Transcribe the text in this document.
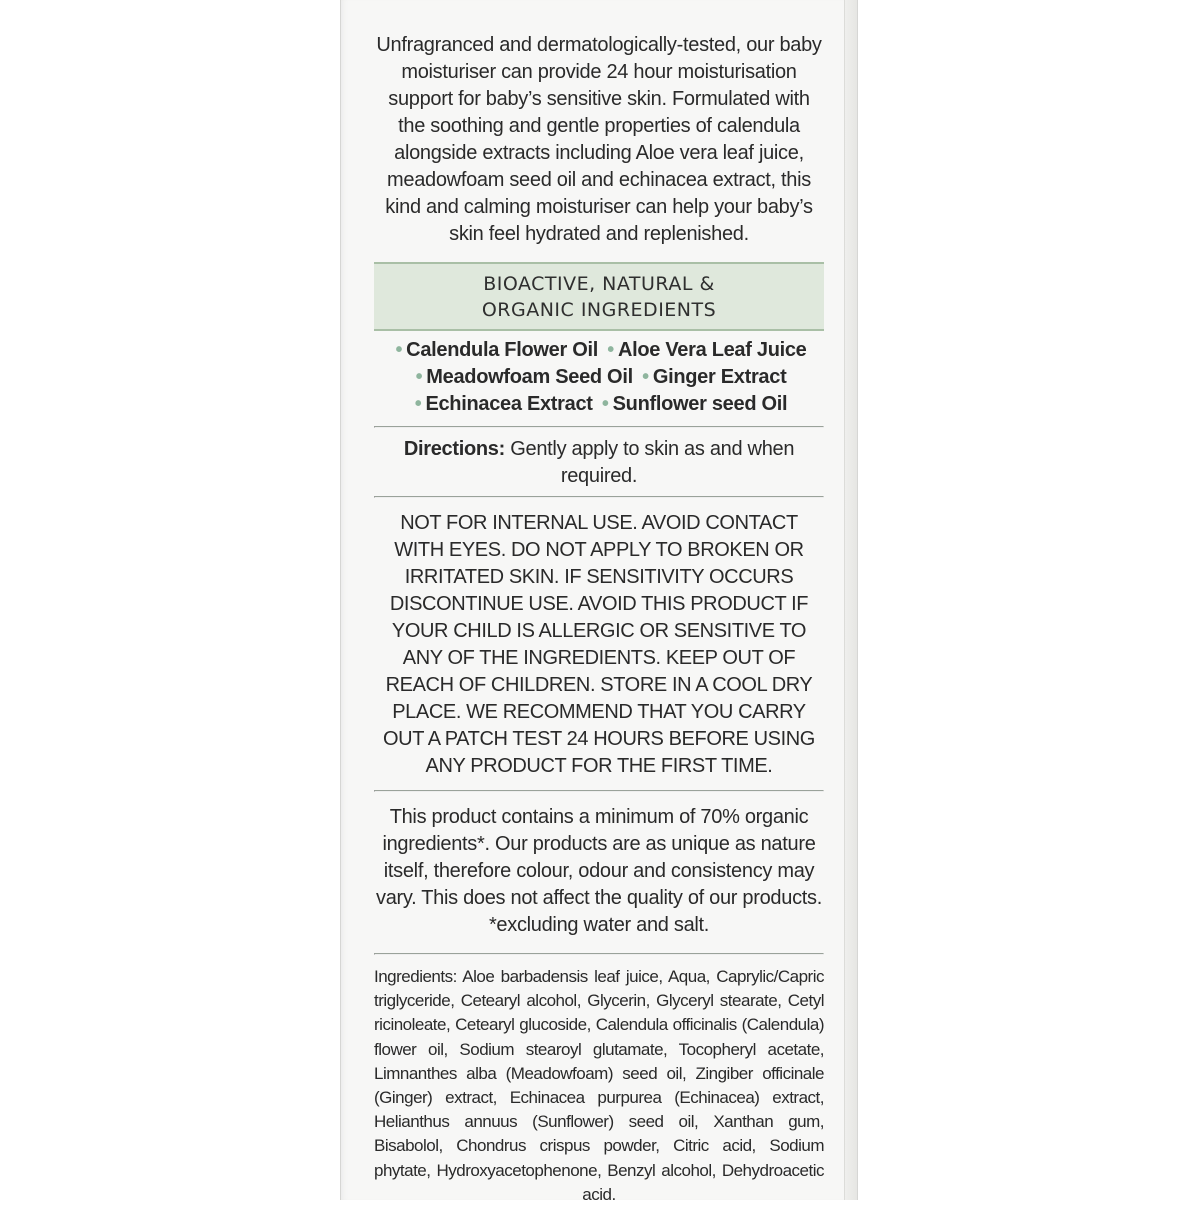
Unfragranced and dermatologically-tested, our baby moisturiser can provide 24 hour moisturisation support for baby’s sensitive skin. Formulated with the soothing and gentle properties of calendula alongside extracts including Aloe vera leaf juice, meadowfoam seed oil and echinacea extract, this kind and calming moisturiser can help your baby’s skin feel hydrated and replenished.

BIOACTIVE, NATURAL &
ORGANIC INGREDIENTS
• Calendula Flower Oil • Aloe Vera Leaf Juice
• Meadowfoam Seed Oil • Ginger Extract
• Echinacea Extract • Sunflower seed Oil
Directions: Gently apply to skin as and when required.
NOT FOR INTERNAL USE. AVOID CONTACT WITH EYES. DO NOT APPLY TO BROKEN OR IRRITATED SKIN. IF SENSITIVITY OCCURS DISCONTINUE USE. AVOID THIS PRODUCT IF YOUR CHILD IS ALLERGIC OR SENSITIVE TO ANY OF THE INGREDIENTS. KEEP OUT OF REACH OF CHILDREN. STORE IN A COOL DRY PLACE. WE RECOMMEND THAT YOU CARRY OUT A PATCH TEST 24 HOURS BEFORE USING ANY PRODUCT FOR THE FIRST TIME.
This product contains a minimum of 70% organic ingredients*. Our products are as unique as nature itself, therefore colour, odour and consistency may vary. This does not affect the quality of our products.
*excluding water and salt.
Ingredients: Aloe barbadensis leaf juice, Aqua, Caprylic/Capric triglyceride, Cetearyl alcohol, Glycerin, Glyceryl stearate, Cetyl ricinoleate, Cetearyl glucoside, Calendula officinalis (Calendula) flower oil, Sodium stearoyl glutamate, Tocopheryl acetate, Limnanthes alba (Meadowfoam) seed oil, Zingiber officinale (Ginger) extract, Echinacea purpurea (Echinacea) extract, Helianthus annuus (Sunflower) seed oil, Xanthan gum, Bisabolol, Chondrus crispus powder, Citric acid, Sodium phytate, Hydroxyacetophenone, Benzyl alcohol, Dehydroacetic acid.
